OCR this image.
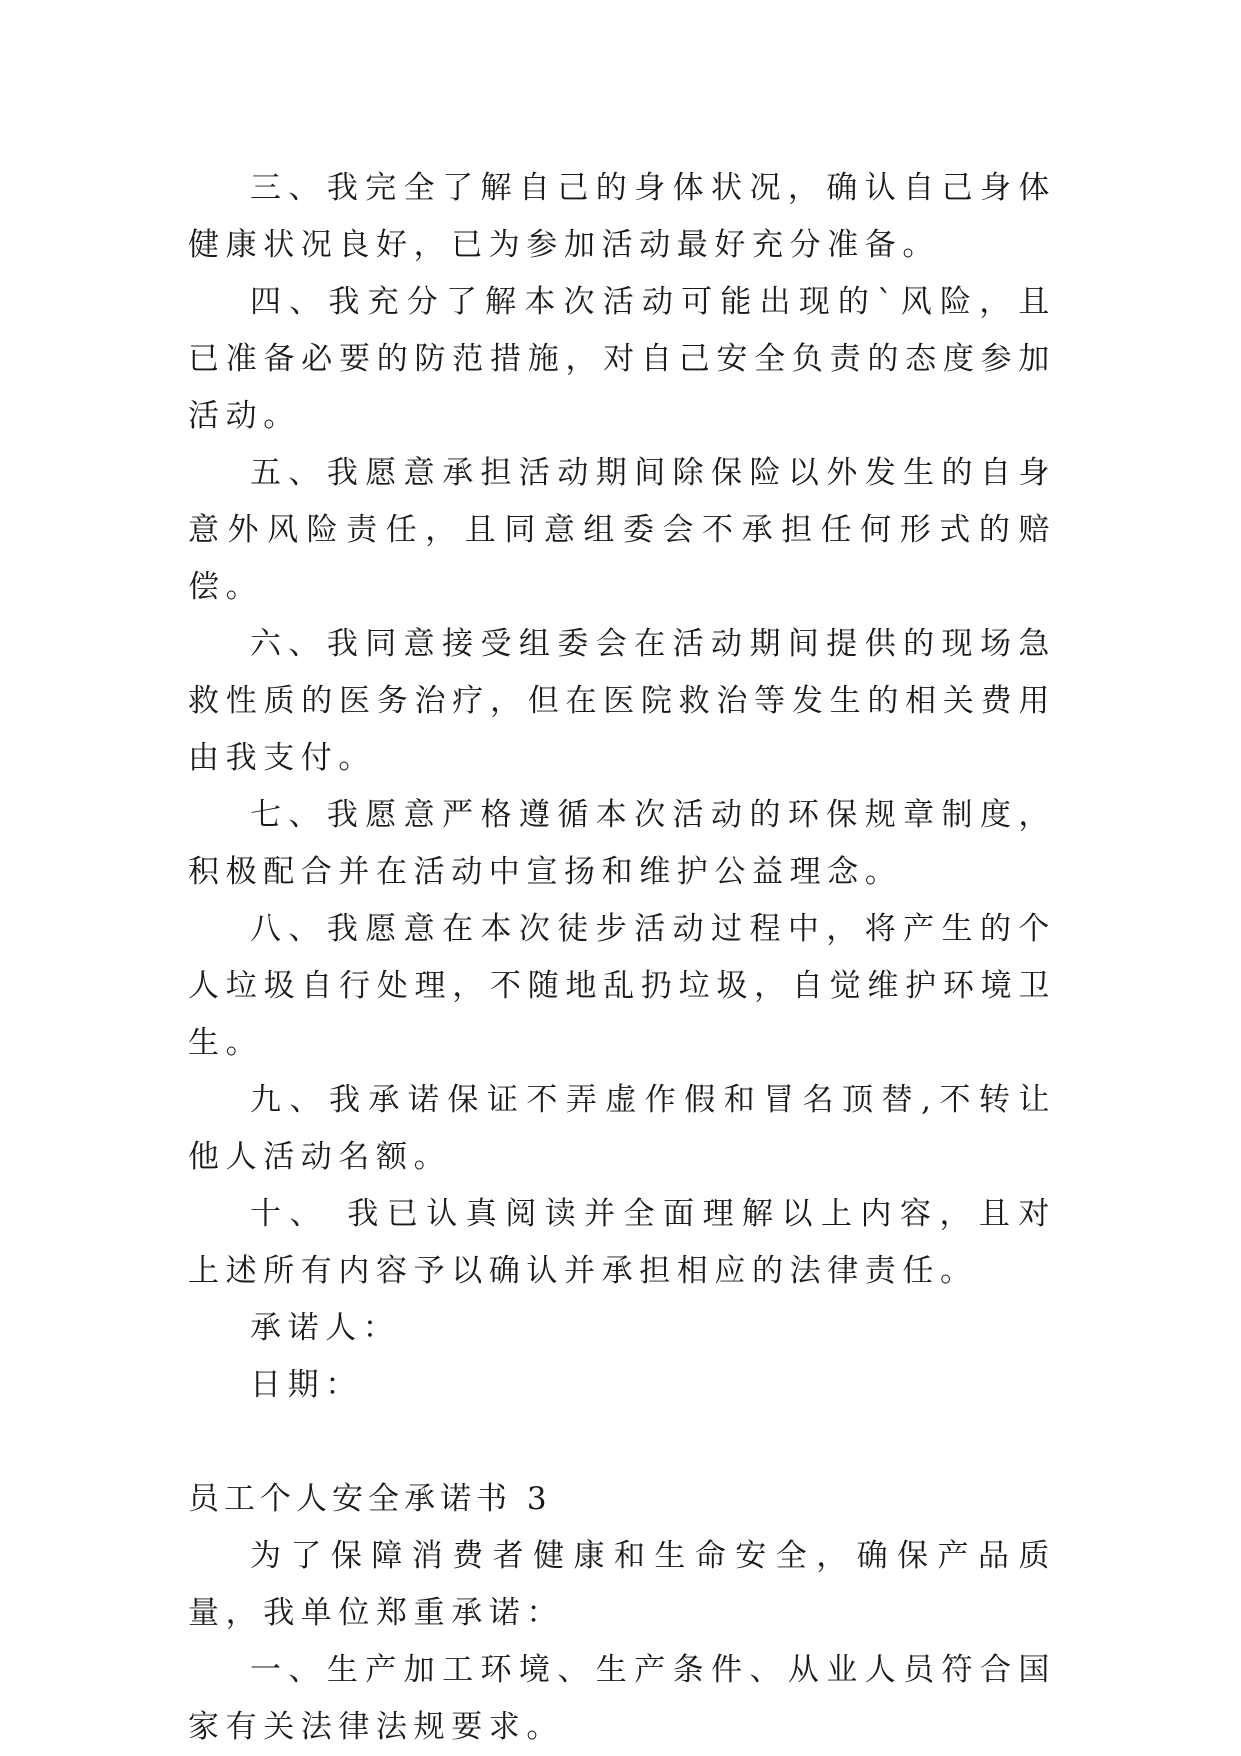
三、我完全了解自己的身体状况，确认自己身体健康状况良好，已为参加活动最好充分准备。

四、我充分了解本次活动可能出现的`风险，且已准备必要的防范措施，对自己安全负责的态度参加活动。

五、我愿意承担活动期间除保险以外发生的自身意外风险责任，且同意组委会不承担任何形式的赔偿。

六、我同意接受组委会在活动期间提供的现场急救性质的医务治疗，但在医院救治等发生的相关费用由我支付。

七、我愿意严格遵循本次活动的环保规章制度，积极配合并在活动中宣扬和维护公益理念。

八、我愿意在本次徒步活动过程中，将产生的个人垃圾自行处理，不随地乱扔垃圾，自觉维护环境卫生。

九、我承诺保证不弄虚作假和冒名顶替,不转让他人活动名额。

十、 我已认真阅读并全面理解以上内容，且对上述所有内容予以确认并承担相应的法律责任。

承诺人：

日期：

员工个人安全承诺书 3

为了保障消费者健康和生命安全，确保产品质量，我单位郑重承诺：

一、生产加工环境、生产条件、从业人员符合国家有关法律法规要求。
